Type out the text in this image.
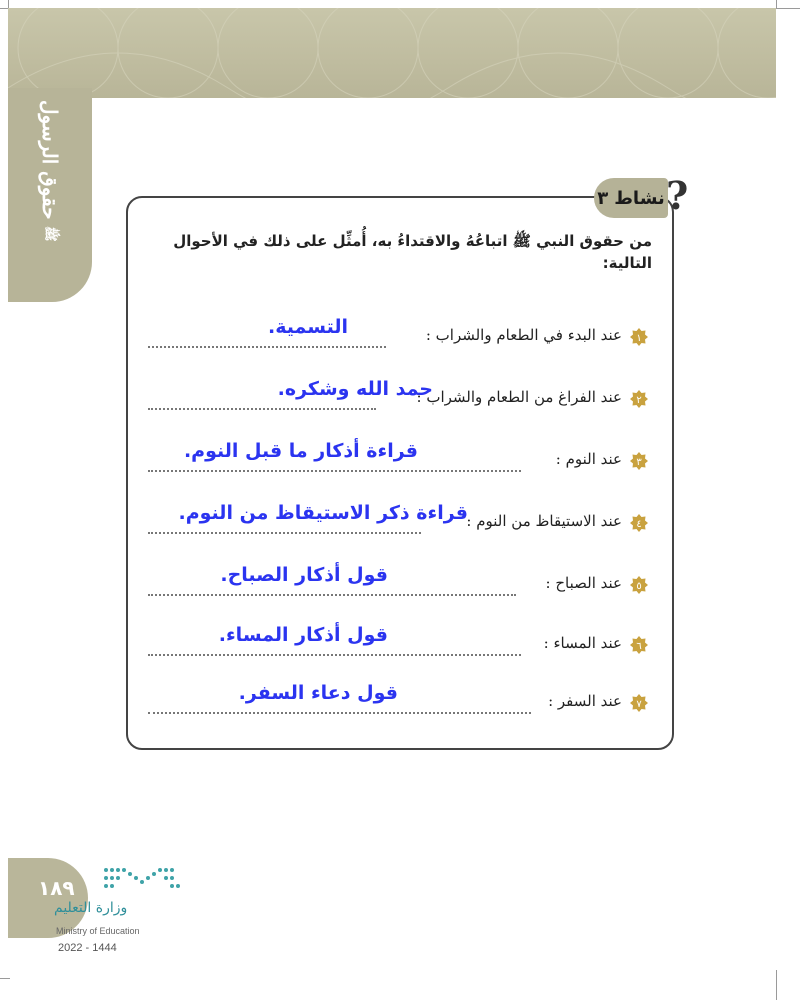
حقوق الرسول
ﷺ
٣ نشاط ?
من حقوق النبي ﷺ اتباعُهُ والاقتداءُ به، أُمثِّل على ذلك في الأحوال التالية:
١
عند البدء في الطعام والشراب :
التسمية.
٢
عند الفراغ من الطعام والشراب :
حمد الله وشكره.
٣
عند النوم :
قراءة أذكار ما قبل النوم.
٤
عند الاستيقاظ من النوم :
قراءة ذكر الاستيقاظ من النوم.
٥
عند الصباح :
قول أذكار الصباح.
٦
عند المساء :
قول أذكار المساء.
٧
عند السفر :
قول دعاء السفر.
١٨٩
وزارة التعليم
Ministry of Education
2022 - 1444
